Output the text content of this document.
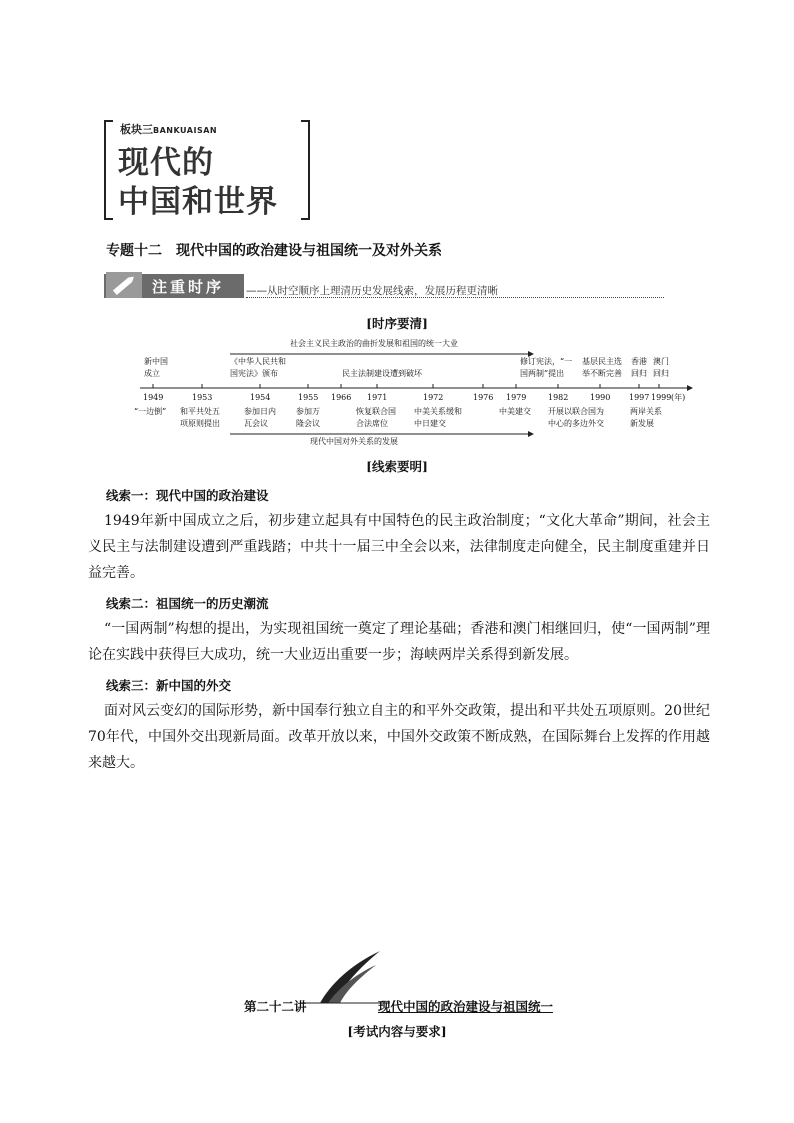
板块三BANKUAISAN
现代的
中国和世界
专题十二　现代中国的政治建设与祖国统一及对外关系
注重时序 ——从时空顺序上理清历史发展线索，发展历程更清晰
[时序要清]
社会主义民主政治的曲折发展和祖国的统一大业
民主法制建设遭到破坏
现代中国对外关系的发展
新中国
成立
《中华人民共和
国宪法》颁布
修订宪法，“一
国两制”提出
基层民主选
举不断完善
香港
回归
澳门
回归
1949	1953	1954	1955 1966 1971	1972	1976 1979	1982	1990 1997 1999 (年)
“一边倒” 和平共处五
项原则提出
参加日内
瓦会议
参加万
隆会议
恢复联合国
合法席位
中美关系缓和
中日建交
中美建交 开展以联合国为
中心的多边外交
两岸关系
新发展
[线索要明]
线索一：现代中国的政治建设
1949年新中国成立之后，初步建立起具有中国特色的民主政治制度；“文化大革命”期间，社会主义民主与法制建设遭到严重践踏；中共十一届三中全会以来，法律制度走向健全，民主制度重建并日益完善。
线索二：祖国统一的历史潮流
“一国两制”构想的提出，为实现祖国统一奠定了理论基础；香港和澳门相继回归，使“一国两制”理论在实践中获得巨大成功，统一大业迈出重要一步；海峡两岸关系得到新发展。
线索三：新中国的外交
面对风云变幻的国际形势，新中国奉行独立自主的和平外交政策，提出和平共处五项原则。20世纪70年代，中国外交出现新局面。改革开放以来，中国外交政策不断成熟，在国际舞台上发挥的作用越来越大。
第二十二讲	现代中国的政治建设与祖国统一
[考试内容与要求]
